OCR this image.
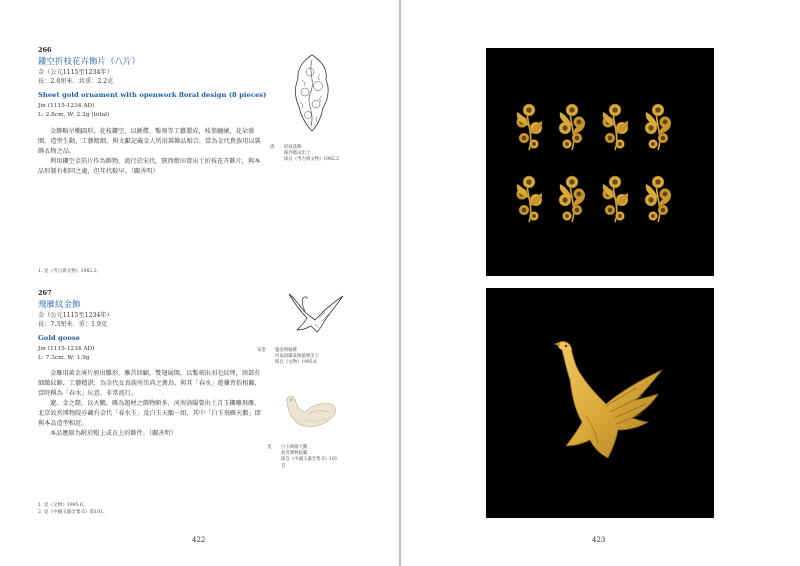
266
鏤空折枝花卉飾片（八片）
金（公元1115至1234年）
長：2.8厘米．共重：2.2克
Sheet gold ornament with openwork floral design (8 pieces)
Jin (1115-1234 AD)
L: 2.8cm. W: 2.2g (total)

金飾略呈橢圓形，花枝鏤空，以錘揲、鏨刻等工藝製成，枝葉纏繞，花朵盛開，造型生動，工藝精細，與文獻記載金人所用裝飾品相合，當為金代貴族用以裝飾衣物之品。

利用鏤空金箔片作為飾物，流行於宋代，陝西藍田曾出土折枝花卉飾片，與本品形制有相同之處，但年代較早。（關善明）

唐 折枝花飾
陝西藍田出土
採自《考古與文物》1982.2
1. 見《考古與文物》1982.2。
267
飛雁紋金飾
金（公元1115至1234年）
長：7.3厘米．重：1.9克
Gold goose
Jin (1115-1234 AD)
L: 7.3cm. W: 1.9g

金雁用黃金薄片剪出雛形，雁首回顧，雙翅展開，以鏨刻出羽毛紋理，頸部有細緻紋飾，工藝精湛，為金代女真族所崇尚之禽鳥，與其「春水」遊獵習俗相關，當時稱為「春水」玩意，非常流行。

遼、金之際，以天鵝、雁為題材之飾物頗多，河南洛陽曾出土青玉鏤雕飛雁，北京故宮博物院亦藏有金代「春水玉」及白玉天鵝一組，其中「白玉飛雁天鵝」即與本品造型相近。

本品應原為附於帽上或衣上的飾件。（關善明）

宋金 鎏金飛雁飾
河南洛陽某地墓葬出土
採自《文物》1995.6
金 白玉飛雁天鵝
故宮博物院藏
採自《中國玉器全集·5》101頁
1. 見《文物》1995.6。
2. 見《中國玉器全集·5》第101。
422	423
